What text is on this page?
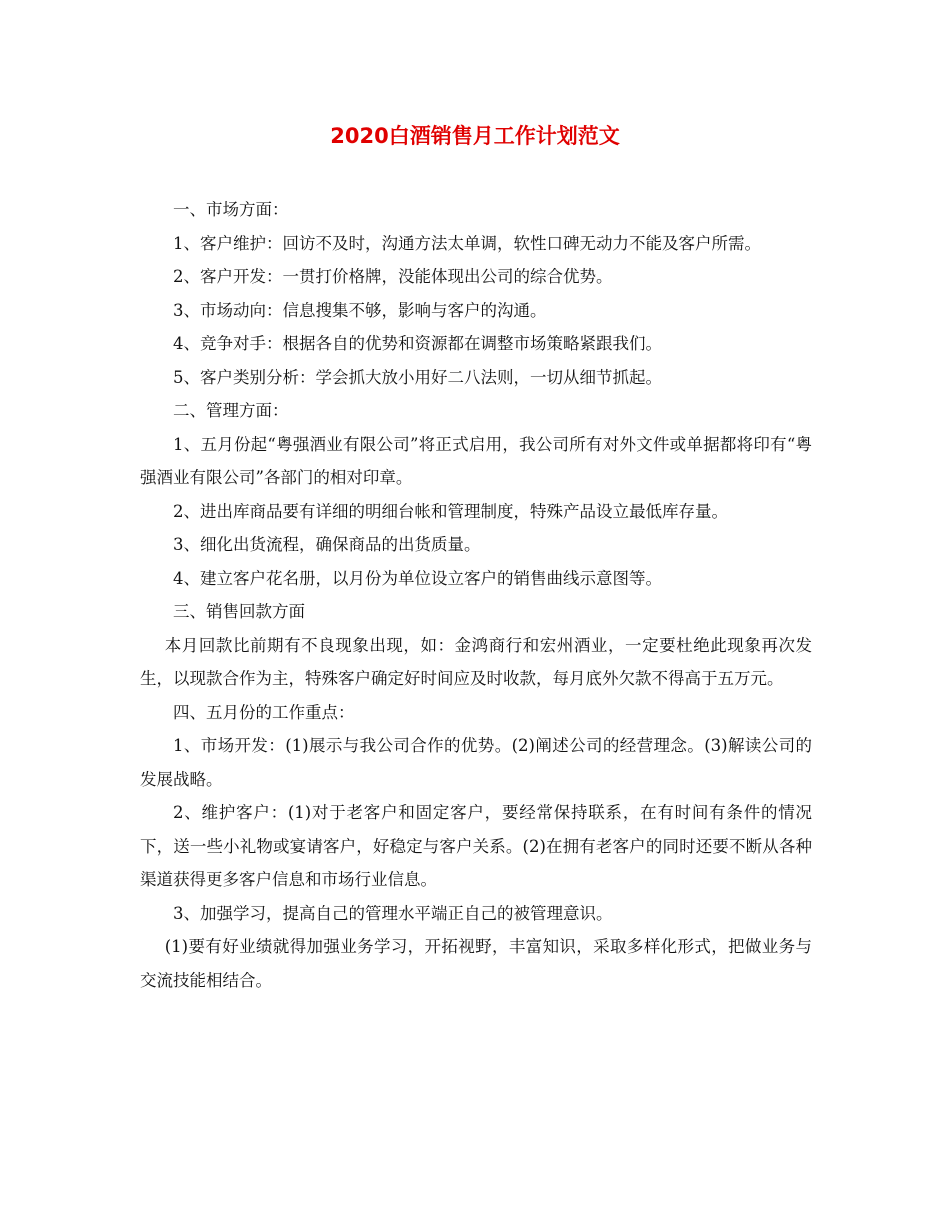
2020白酒销售月工作计划范文

一、市场方面：

1、客户维护：回访不及时，沟通方法太单调，软性口碑无动力不能及客户所需。

2、客户开发：一贯打价格牌，没能体现出公司的综合优势。

3、市场动向：信息搜集不够，影响与客户的沟通。

4、竞争对手：根据各自的优势和资源都在调整市场策略紧跟我们。

5、客户类别分析：学会抓大放小用好二八法则，一切从细节抓起。

二、管理方面：

1、五月份起“粤强酒业有限公司”将正式启用，我公司所有对外文件或单据都将印有“粤强酒业有限公司”各部门的相对印章。

2、进出库商品要有详细的明细台帐和管理制度，特殊产品设立最低库存量。

3、细化出货流程，确保商品的出货质量。

4、建立客户花名册，以月份为单位设立客户的销售曲线示意图等。

三、销售回款方面

本月回款比前期有不良现象出现，如：金鸿商行和宏州酒业，一定要杜绝此现象再次发生，以现款合作为主，特殊客户确定好时间应及时收款，每月底外欠款不得高于五万元。

四、五月份的工作重点：

1、市场开发：(1)展示与我公司合作的优势。(2)阐述公司的经营理念。(3)解读公司的发展战略。

2、维护客户：(1)对于老客户和固定客户，要经常保持联系，在有时间有条件的情况下，送一些小礼物或宴请客户，好稳定与客户关系。(2)在拥有老客户的同时还要不断从各种渠道获得更多客户信息和市场行业信息。

3、加强学习，提高自己的管理水平端正自己的被管理意识。

(1)要有好业绩就得加强业务学习，开拓视野，丰富知识，采取多样化形式，把做业务与交流技能相结合。
